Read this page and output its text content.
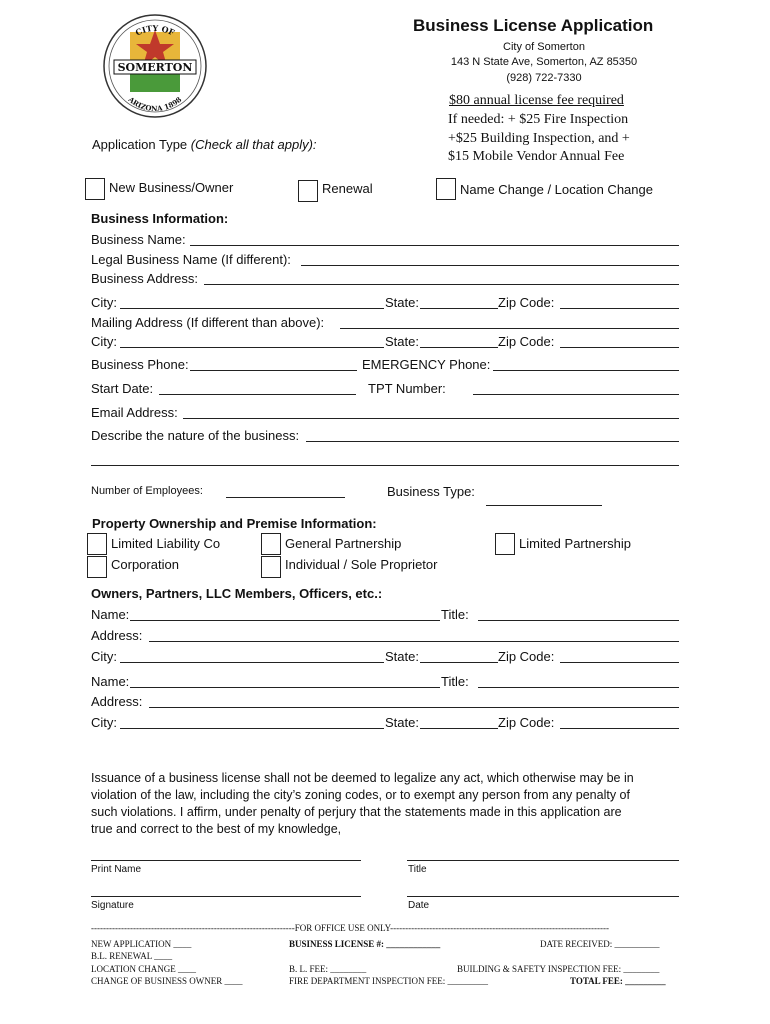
SOMERTON
CITY OF
ARIZONA 1898
Business License Application
City of Somerton
143 N State Ave, Somerton, AZ 85350
(928) 722-7330
$80 annual license fee required
If needed: + $25 Fire Inspection
+$25 Building Inspection, and +
$15 Mobile Vendor Annual Fee
Application Type (Check all that apply):
New Business/Owner	Renewal	Name Change / Location Change
Business Information:
Business Name:
Legal Business Name (If different):
Business Address:
City:	State:	Zip Code:
Mailing Address (If different than above):
City:	State:	Zip Code:
Business Phone:	EMERGENCY Phone:
Start Date:	TPT Number:
Email Address:
Describe the nature of the business:
Number of Employees:	Business Type:
Property Ownership and Premise Information:
Limited Liability Co	General Partnership	Limited Partnership
Corporation	Individual / Sole Proprietor
Owners, Partners, LLC Members, Officers, etc.:
Name:	Title:
Address:
City:	State:	Zip Code:
Name:	Title:
Address:
City:	State:	Zip Code:
Issuance of a business license shall not be deemed to legalize any act, which otherwise may be in
violation of the law, including the city’s zoning codes, or to exempt any person from any penalty of
such violations. I affirm, under penalty of perjury that the statements made in this application are
true and correct to the best of my knowledge,
Print Name	Title
Signature	Date
--------------------------------------------------------------------FOR OFFICE USE ONLY-------------------------------------------------------------------------
NEW APPLICATION ____	BUSINESS LICENSE #: ____________	DATE RECEIVED: __________
B.L. RENEWAL ____
LOCATION CHANGE ____	B. L. FEE: ________	BUILDING & SAFETY INSPECTION FEE: ________
CHANGE OF BUSINESS OWNER ____	FIRE DEPARTMENT INSPECTION FEE: _________	TOTAL FEE: _________
